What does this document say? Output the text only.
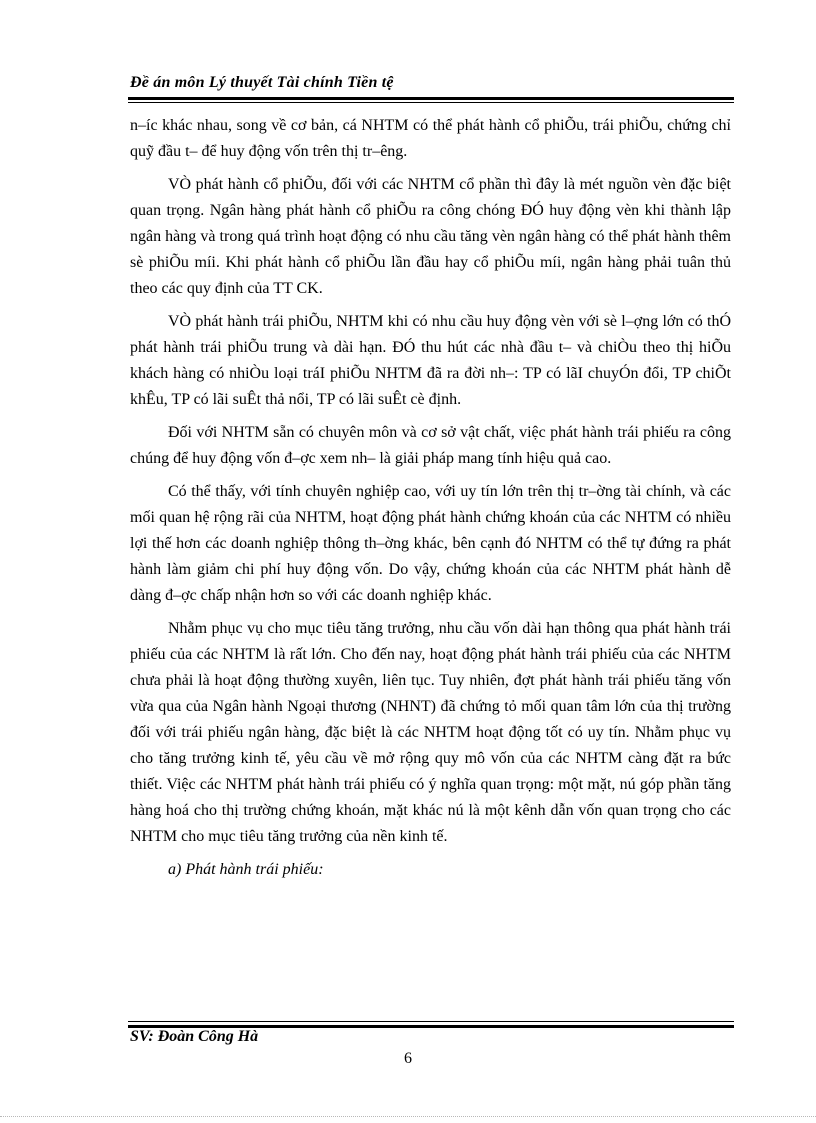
Đề án môn Lý thuyết Tài chính Tiền tệ

n–íc khác nhau, song về cơ bản, cá NHTM có thể phát hành cổ phiÕu, trái phiÕu, chứng chỉ quỹ đầu t– để huy động vốn trên thị tr–êng.

VÒ phát hành cổ phiÕu, đối với các NHTM cổ phần thì đây là mét nguồn vèn đặc biệt quan trọng. Ngân hàng phát hành cổ phiÕu ra công chóng ĐÓ huy động vèn khi thành lập ngân hàng và trong quá trình hoạt động có nhu cầu tăng vèn ngân hàng có thể phát hành thêm sè phiÕu míi. Khi phát hành cổ phiÕu lần đầu hay cổ phiÕu míi, ngân hàng phải tuân thủ theo các quy định của TT CK.

VÒ phát hành trái phiÕu, NHTM khi có nhu cầu huy động vèn với sè l–ợng lớn có thÓ phát hành trái phiÕu trung và dài hạn. ĐÓ thu hút các nhà đầu t– và chiÒu theo thị hiÕu khách hàng có nhiÒu loại tráI phiÕu NHTM đã ra đời nh–: TP có lãI chuyÓn đổi, TP chiÕt khÊu, TP có lãi suÊt thả nổi, TP có lãi suÊt cè định.

Đối với NHTM sẵn có chuyên môn và cơ sở vật chất, việc phát hành trái phiếu ra công chúng để huy động vốn đ–ợc xem nh– là giải pháp mang tính hiệu quả cao.

Có thể thấy, với tính chuyên nghiệp cao, với uy tín lớn trên thị tr–ờng tài chính, và các mối quan hệ rộng rãi của NHTM, hoạt động phát hành chứng khoán của các NHTM có nhiều lợi thế hơn các doanh nghiệp thông th–ờng khác, bên cạnh đó NHTM có thể tự đứng ra phát hành làm giảm chi phí huy động vốn. Do vậy, chứng khoán của các NHTM phát hành dễ dàng đ–ợc chấp nhận hơn so với các doanh nghiệp khác.

Nhằm phục vụ cho mục tiêu tăng trưởng, nhu cầu vốn dài hạn thông qua phát hành trái phiếu của các NHTM là rất lớn. Cho đến nay, hoạt động phát hành trái phiếu của các NHTM chưa phải là hoạt động thường xuyên, liên tục. Tuy nhiên, đợt phát hành trái phiếu tăng vốn vừa qua của Ngân hành Ngoại thương (NHNT) đã chứng tỏ mối quan tâm lớn của thị trường đối với trái phiếu ngân hàng, đặc biệt là các NHTM hoạt động tốt có uy tín. Nhằm phục vụ cho tăng trưởng kinh tế, yêu cầu về mở rộng quy mô vốn của các NHTM càng đặt ra bức thiết. Việc các NHTM phát hành trái phiếu có ý nghĩa quan trọng: một mặt, nú góp phần tăng hàng hoá cho thị trường chứng khoán, mặt khác nú là một kênh dẫn vốn quan trọng cho các NHTM cho mục tiêu tăng trưởng của nền kinh tế.

a) Phát hành trái phiếu:

SV: Đoàn Công Hà
6
